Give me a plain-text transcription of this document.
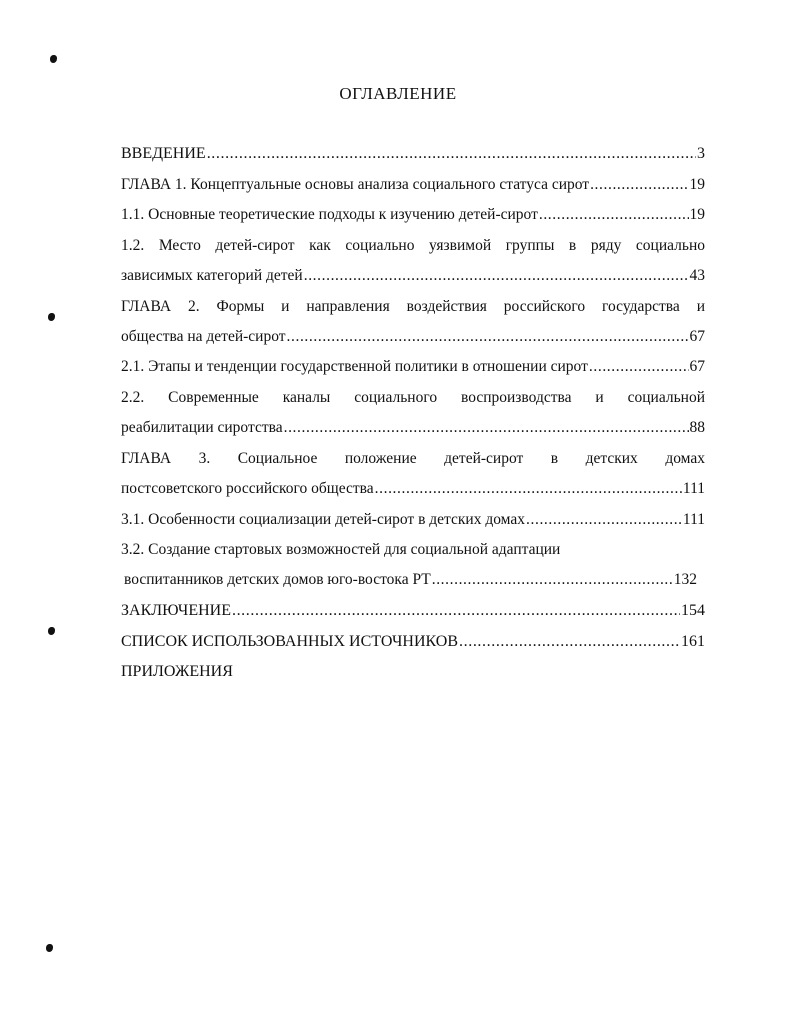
ОГЛАВЛЕНИЕ
ВВЕДЕНИЕ .....	3
ГЛАВА 1. Концептуальные основы анализа социального статуса сирот .....	19
1.1. Основные теоретические подходы к изучению детей-сирот .....	19
1.2. Место детей-сирот как социально уязвимой группы в ряду социально
зависимых категорий детей .....	43
ГЛАВА 2. Формы и направления воздействия российского государства и
общества на детей-сирот .....	67
2.1. Этапы и тенденции государственной политики в отношении сирот .....	67
2.2. Современные каналы социального воспроизводства и социальной
реабилитации сиротства .....	88
ГЛАВА 3. Социальное положение детей-сирот в детских домах
постсоветского российского общества .....	111
3.1. Особенности социализации детей-сирот в детских домах .....	111
3.2. Создание стартовых возможностей для социальной адаптации
воспитанников детских домов юго-востока РТ .....	132
ЗАКЛЮЧЕНИЕ .....	154
СПИСОК ИСПОЛЬЗОВАННЫХ ИСТОЧНИКОВ .....	161
ПРИЛОЖЕНИЯ
